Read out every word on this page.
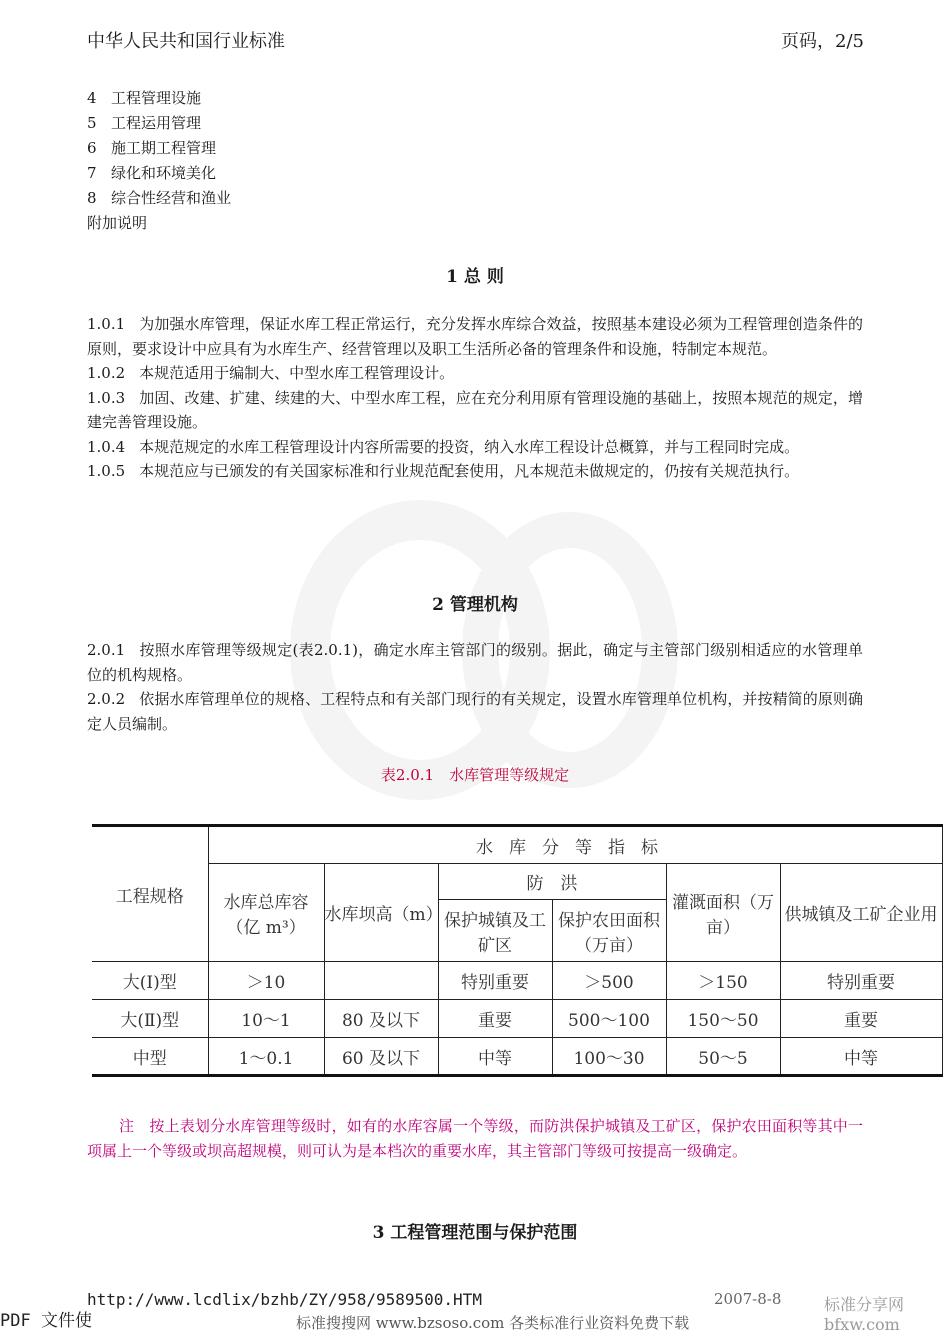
中华人民共和国行业标准	页码，2/5
4 工程管理设施
5 工程运用管理
6 施工期工程管理
7 绿化和环境美化
8 综合性经营和渔业
附加说明
1 总 则
1.0.1 为加强水库管理，保证水库工程正常运行，充分发挥水库综合效益，按照基本建设必须为工程管理创造条件的原则，要求设计中应具有为水库生产、经营管理以及职工生活所必备的管理条件和设施，特制定本规范。
1.0.2 本规范适用于编制大、中型水库工程管理设计。
1.0.3 加固、改建、扩建、续建的大、中型水库工程，应在充分利用原有管理设施的基础上，按照本规范的规定，增建完善管理设施。
1.0.4 本规范规定的水库工程管理设计内容所需要的投资，纳入水库工程设计总概算，并与工程同时完成。
1.0.5 本规范应与已颁发的有关国家标准和行业规范配套使用，凡本规范未做规定的，仍按有关规范执行。
2 管理机构
2.0.1 按照水库管理等级规定(表2.0.1)，确定水库主管部门的级别。据此，确定与主管部门级别相适应的水管理单位的机构规格。
2.0.2 依据水库管理单位的规格、工程特点和有关部门现行的有关规定，设置水库管理单位机构，并按精简的原则确定人员编制。
表2.0.1　水库管理等级规定
工程规格	水库分等指标					
	水库总库容（亿 m³）	水库坝高（m）	防　洪		灌溉面积（万亩）	供城镇及工矿企业用
			保护城镇及工矿区	保护农田面积（万亩）		
大(Ⅰ)型	＞10		特别重要	＞500	＞150	特别重要
大(Ⅱ)型	10～1	80 及以下	重要	500～100	150～50	重要
中型	1～0.1	60 及以下	中等	100～30	50～5	中等
注　按上表划分水库管理等级时，如有的水库容属一个等级，而防洪保护城镇及工矿区，保护农田面积等其中一项属上一个等级或坝高超规模，则可认为是本档次的重要水库，其主管部门等级可按提高一级确定。
3 工程管理范围与保护范围
http://www.lcdlix/bzhb/ZY/958/9589500.HTM	2007-8-8	标准分享网 bfxw.com
PDF 文件使	标准搜搜网 www.bzsoso.com 各类标准行业资料免费下载
